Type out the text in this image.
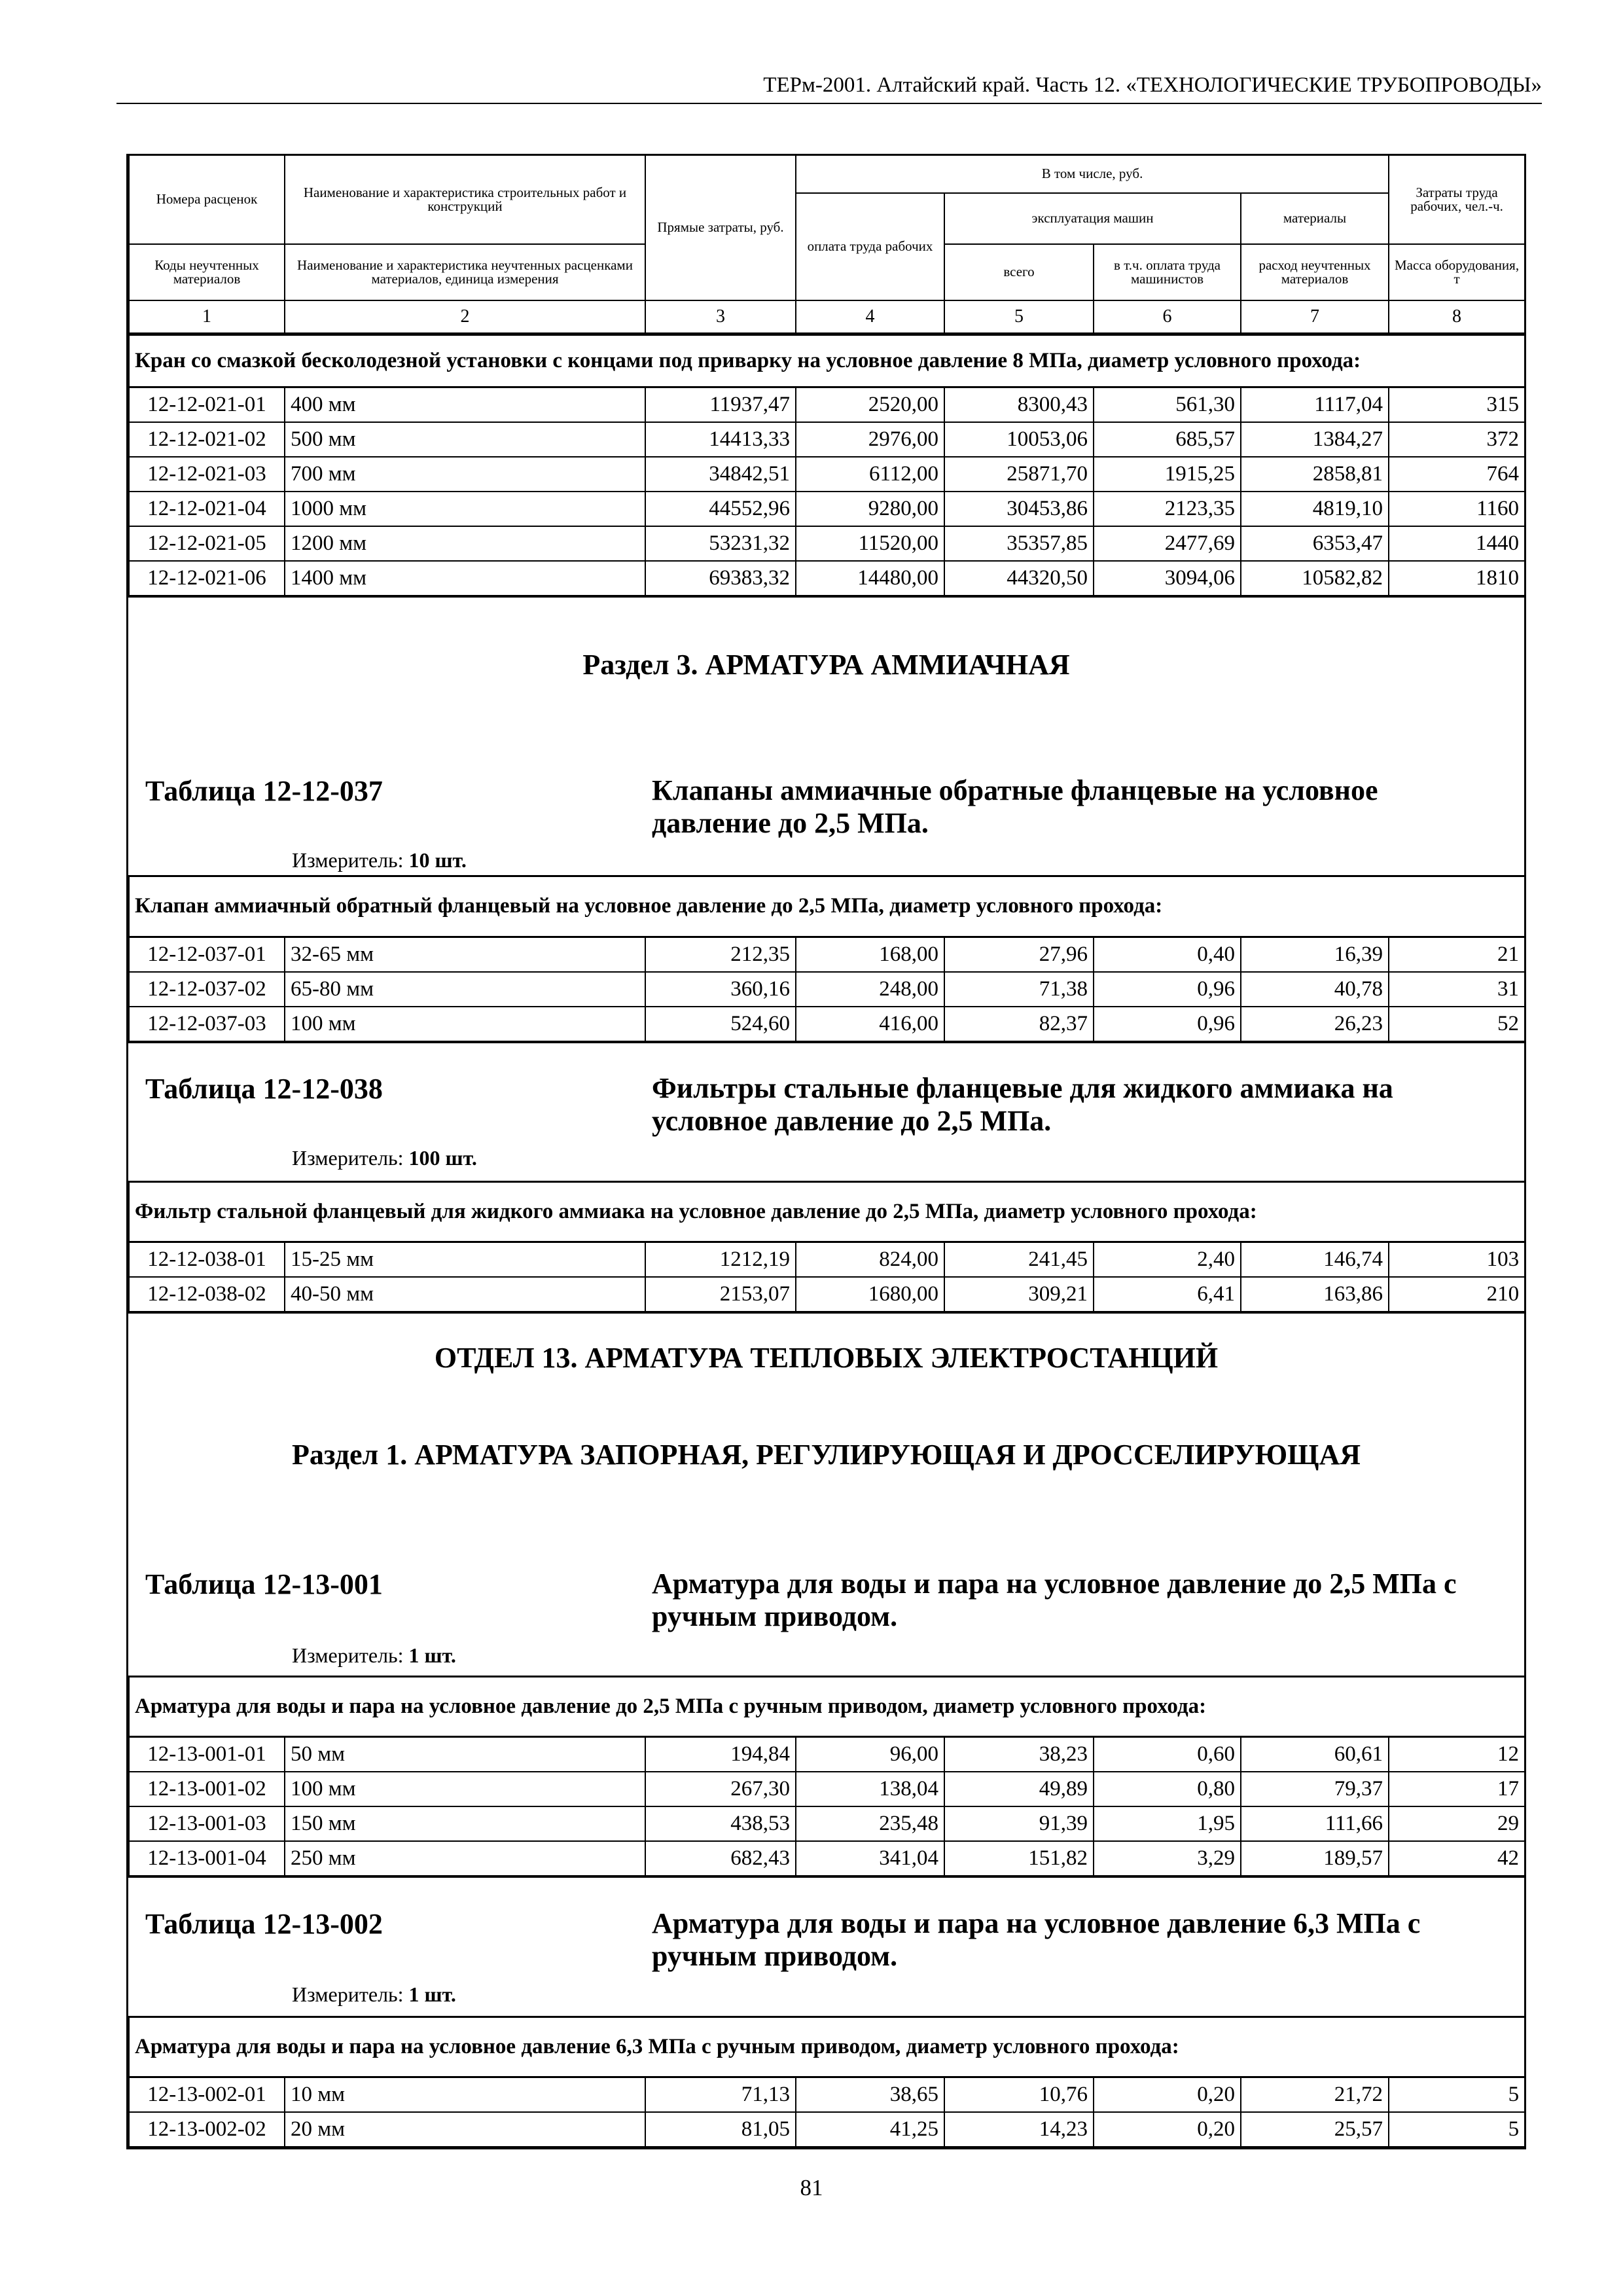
ТЕРм-2001. Алтайский край. Часть 12. «ТЕХНОЛОГИЧЕСКИЕ ТРУБОПРОВОДЫ»
Номера расценок	Наименование и характеристика строительных работ и конструкций	Прямые затраты, руб.	В том числе, руб.				Затраты труда рабочих, чел.-ч.
			оплата труда рабочих	эксплуатация машин		материалы	
Коды неучтенных материалов	Наименование и характеристика неучтенных расценками материалов, единица измерения			всего	в т.ч. оплата труда машинистов	расход неучтенных материалов	Масса оборудования, т
1	2	3	4	5	6	7	8
Кран со смазкой бесколодезной установки с концами под приварку на условное давление 8 МПа, диаметр условного прохода:							
12-12-021-01	400 мм	11937,47	2520,00	8300,43	561,30	1117,04	315
12-12-021-02	500 мм	14413,33	2976,00	10053,06	685,57	1384,27	372
12-12-021-03	700 мм	34842,51	6112,00	25871,70	1915,25	2858,81	764
12-12-021-04	1000 мм	44552,96	9280,00	30453,86	2123,35	4819,10	1160
12-12-021-05	1200 мм	53231,32	11520,00	35357,85	2477,69	6353,47	1440
12-12-021-06	1400 мм	69383,32	14480,00	44320,50	3094,06	10582,82	1810
Раздел 3. АРМАТУРА АММИАЧНАЯ
Таблица 12-12-037	Клапаны аммиачные обратные фланцевые на условное давление до 2,5 МПа.
Измеритель: 10 шт.
Клапан аммиачный обратный фланцевый на условное давление до 2,5 МПа, диаметр условного прохода:							
12-12-037-01	32-65 мм	212,35	168,00	27,96	0,40	16,39	21
12-12-037-02	65-80 мм	360,16	248,00	71,38	0,96	40,78	31
12-12-037-03	100 мм	524,60	416,00	82,37	0,96	26,23	52
Таблица 12-12-038	Фильтры стальные фланцевые для жидкого аммиака на условное давление до 2,5 МПа.
Измеритель: 100 шт.
Фильтр стальной фланцевый для жидкого аммиака на условное давление до 2,5 МПа, диаметр условного прохода:							
12-12-038-01	15-25 мм	1212,19	824,00	241,45	2,40	146,74	103
12-12-038-02	40-50 мм	2153,07	1680,00	309,21	6,41	163,86	210
ОТДЕЛ 13. АРМАТУРА ТЕПЛОВЫХ ЭЛЕКТРОСТАНЦИЙ
Раздел 1. АРМАТУРА ЗАПОРНАЯ, РЕГУЛИРУЮЩАЯ И ДРОССЕЛИРУЮЩАЯ
Таблица 12-13-001	Арматура для воды и пара на условное давление до 2,5 МПа с ручным приводом.
Измеритель: 1 шт.
Арматура для воды и пара на условное давление до 2,5 МПа с ручным приводом, диаметр условного прохода:							
12-13-001-01	50 мм	194,84	96,00	38,23	0,60	60,61	12
12-13-001-02	100 мм	267,30	138,04	49,89	0,80	79,37	17
12-13-001-03	150 мм	438,53	235,48	91,39	1,95	111,66	29
12-13-001-04	250 мм	682,43	341,04	151,82	3,29	189,57	42
Таблица 12-13-002	Арматура для воды и пара на условное давление 6,3 МПа с ручным приводом.
Измеритель: 1 шт.
Арматура для воды и пара на условное давление 6,3 МПа с ручным приводом, диаметр условного прохода:							
12-13-002-01	10 мм	71,13	38,65	10,76	0,20	21,72	5
12-13-002-02	20 мм	81,05	41,25	14,23	0,20	25,57	5
81
